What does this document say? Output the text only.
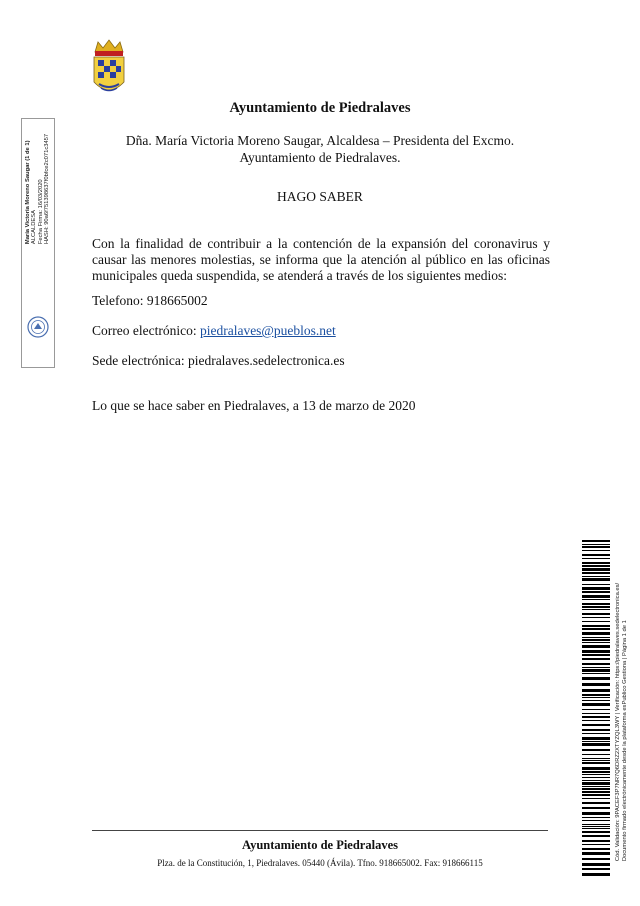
Ayuntamiento de Piedralaves
Dña. María Victoria Moreno Saugar, Alcaldesa – Presidenta del Excmo. Ayuntamiento de Piedralaves.
HAGO SABER
Con la finalidad de contribuir a la contención de la expansión del coronavirus y causar las menores molestias, se informa que la atención al público en las oficinas municipales queda suspendida, se atenderá a través de los siguientes medios:
Telefono: 918665002
Correo electrónico: piedralaves@pueblos.net
Sede electrónica: piedralaves.sedelectronica.es
Lo que se hace saber en Piedralaves, a 13 de marzo de 2020
Ayuntamiento de Piedralaves
Plza. de la Constitución, 1, Piedralaves. 05440 (Ávila). Tfno. 918665002. Fax: 918666115
María Victoria Moreno Saugar (1 de 1) ALCALDESA Fecha Firma: 16/03/2020 HASH: 90a6f751398637f0bfce2c071c3457
Cód. Validación: 9PACEF3P7NR7Q6DRZ2XTYZQL3WY | Verificación: https://piedralaves.sedelectronica.es/ Documento firmado electrónicamente desde la plataforma esPublico Gestiona | Página 1 de 1
